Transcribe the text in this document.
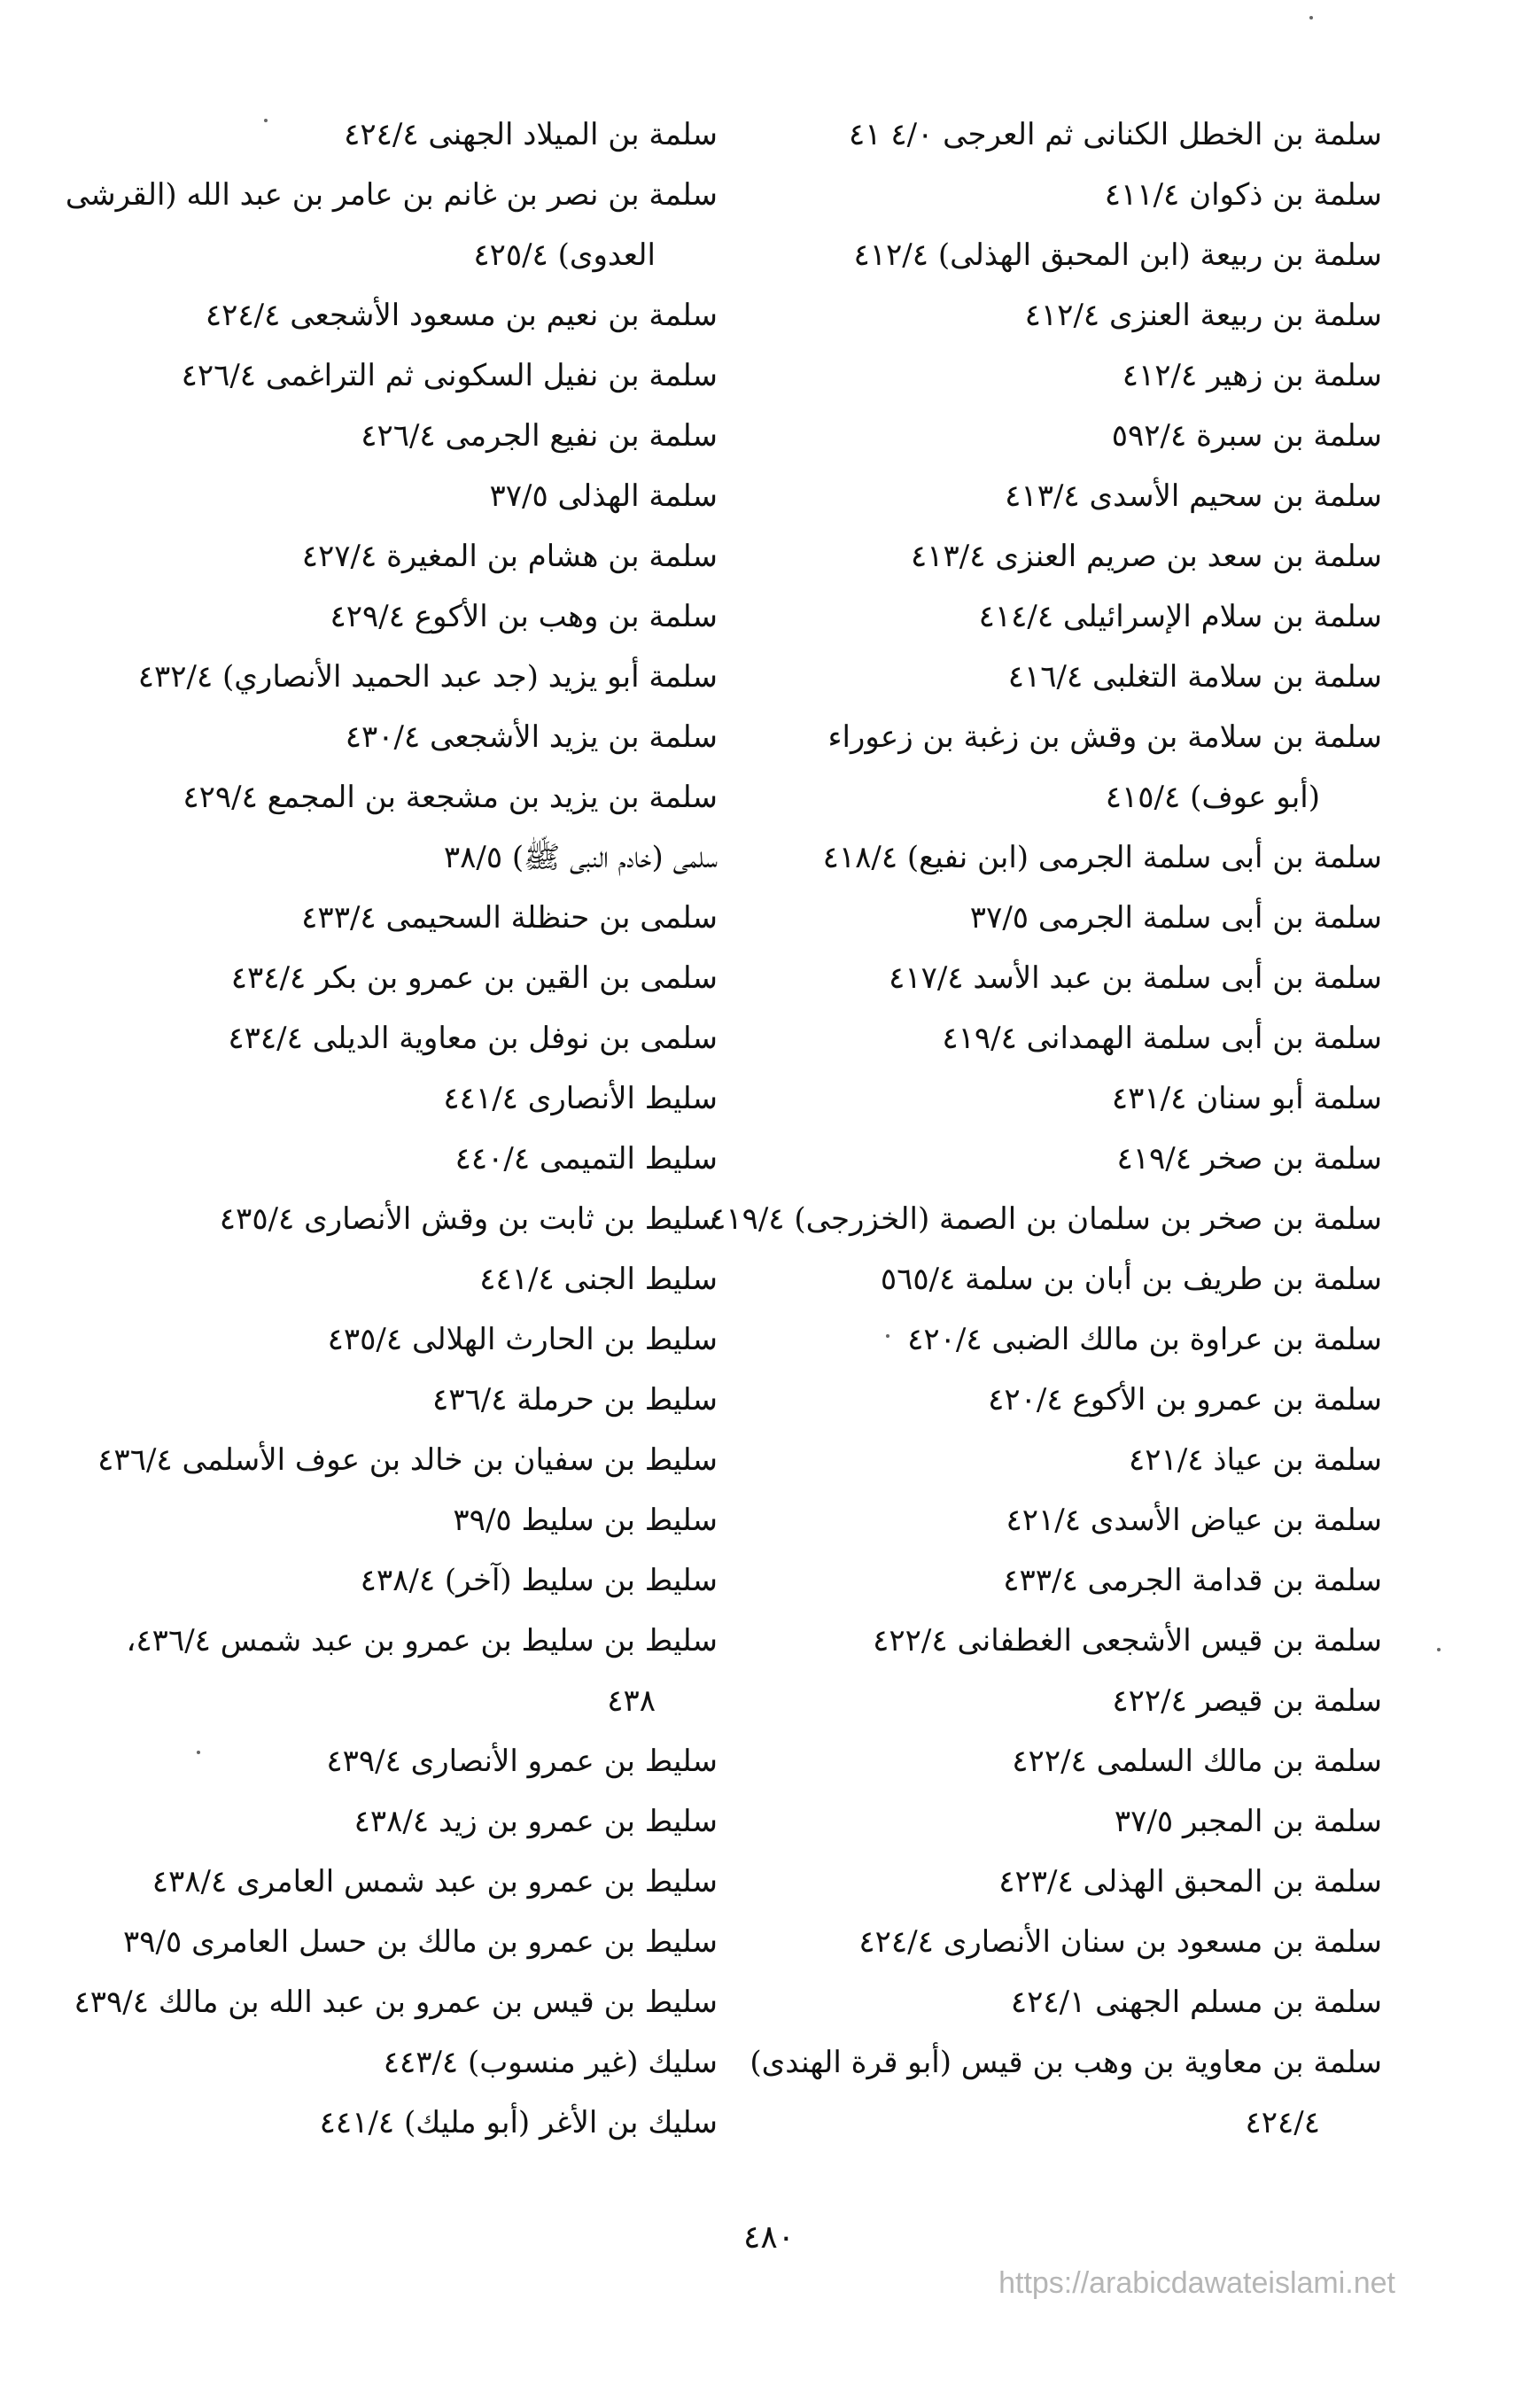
سلمة بن الخطل الكنانى ثم العرجى ٤/٠ ٤١
سلمة بن ذكوان ٤١١/٤
سلمة بن ربيعة (ابن المحبق الهذلى) ٤١٢/٤
سلمة بن ربيعة العنزى ٤١٢/٤
سلمة بن زهير ٤١٢/٤
سلمة بن سبرة ٥٩٢/٤
سلمة بن سحيم الأسدى ٤١٣/٤
سلمة بن سعد بن صريم العنزى ٤١٣/٤
سلمة بن سلام الإسرائيلى ٤١٤/٤
سلمة بن سلامة التغلبى ٤١٦/٤
سلمة بن سلامة بن وقش بن زغبة بن زعوراء
(أبو عوف) ٤١٥/٤
سلمة بن أبى سلمة الجرمى (ابن نفيع) ٤١٨/٤
سلمة بن أبى سلمة الجرمى ٣٧/٥
سلمة بن أبى سلمة بن عبد الأسد ٤١٧/٤
سلمة بن أبى سلمة الهمدانى ٤١٩/٤
سلمة أبو سنان ٤٣١/٤
سلمة بن صخر ٤١٩/٤
سلمة بن صخر بن سلمان بن الصمة (الخزرجى) ٤١٩/٤
سلمة بن طريف بن أبان بن سلمة ٥٦٥/٤
سلمة بن عراوة بن مالك الضبى ٤٢٠/٤
سلمة بن عمرو بن الأكوع ٤٢٠/٤
سلمة بن عياذ ٤٢١/٤
سلمة بن عياض الأسدى ٤٢١/٤
سلمة بن قدامة الجرمى ٤٣٣/٤
سلمة بن قيس الأشجعى الغطفانى ٤٢٢/٤
سلمة بن قيصر ٤٢٢/٤
سلمة بن مالك السلمى ٤٢٢/٤
سلمة بن المجبر ٣٧/٥
سلمة بن المحبق الهذلى ٤٢٣/٤
سلمة بن مسعود بن سنان الأنصارى ٤٢٤/٤
سلمة بن مسلم الجهنى ٤٢٤/١
سلمة بن معاوية بن وهب بن قيس (أبو قرة الهندى)
٤٢٤/٤
سلمة بن الميلاد الجهنى ٤٢٤/٤
سلمة بن نصر بن غانم بن عامر بن عبد الله (القرشى
العدوى) ٤٢٥/٤
سلمة بن نعيم بن مسعود الأشجعى ٤٢٤/٤
سلمة بن نفيل السكونى ثم التراغمى ٤٢٦/٤
سلمة بن نفيع الجرمى ٤٢٦/٤
سلمة الهذلى ٣٧/٥
سلمة بن هشام بن المغيرة ٤٢٧/٤
سلمة بن وهب بن الأكوع ٤٢٩/٤
سلمة أبو يزيد (جد عبد الحميد الأنصاري) ٤٣٢/٤
سلمة بن يزيد الأشجعى ٤٣٠/٤
سلمة بن يزيد بن مشجعة بن المجمع ٤٢٩/٤
سلمى (خادم النبى ﷺ) ٣٨/٥
سلمى بن حنظلة السحيمى ٤٣٣/٤
سلمى بن القين بن عمرو بن بكر ٤٣٤/٤
سلمى بن نوفل بن معاوية الديلى ٤٣٤/٤
سليط الأنصارى ٤٤١/٤
سليط التميمى ٤٤٠/٤
سليط بن ثابت بن وقش الأنصارى ٤٣٥/٤
سليط الجنى ٤٤١/٤
سليط بن الحارث الهلالى ٤٣٥/٤
سليط بن حرملة ٤٣٦/٤
سليط بن سفيان بن خالد بن عوف الأسلمى ٤٣٦/٤
سليط بن سليط ٣٩/٥
سليط بن سليط (آخر) ٤٣٨/٤
سليط بن سليط بن عمرو بن عبد شمس ٤٣٦/٤،
٤٣٨
سليط بن عمرو الأنصارى ٤٣٩/٤
سليط بن عمرو بن زيد ٤٣٨/٤
سليط بن عمرو بن عبد شمس العامرى ٤٣٨/٤
سليط بن عمرو بن مالك بن حسل العامرى ٣٩/٥
سليط بن قيس بن عمرو بن عبد الله بن مالك ٤٣٩/٤
سليك (غير منسوب) ٤٤٣/٤
سليك بن الأغر (أبو مليك) ٤٤١/٤
٤٨٠
https://arabicdawateislami.net
